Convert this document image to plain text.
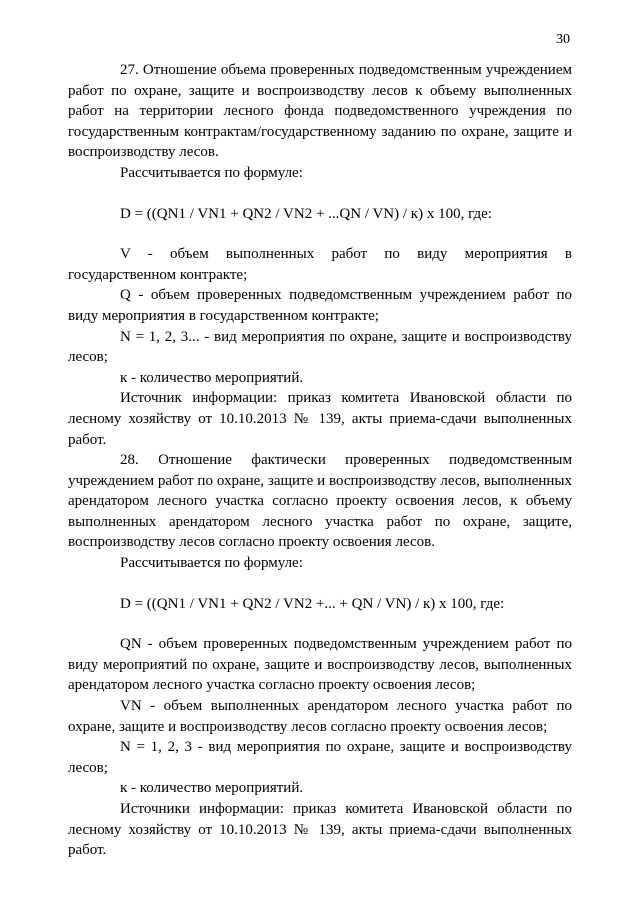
30

27. Отношение объема проверенных подведомственным учреждением работ по охране, защите и воспроизводству лесов к объему выполненных работ на территории лесного фонда подведомственного учреждения по государственным контрактам/государственному заданию по охране, защите и воспроизводству лесов.

Рассчитывается по формуле:

D = ((QN1 / VN1 + QN2 / VN2 + ...QN / VN) / к) x 100, где:

V - объем выполненных работ по виду мероприятия в государственном контракте;

Q - объем проверенных подведомственным учреждением работ по виду мероприятия в государственном контракте;

N = 1, 2, 3... - вид мероприятия по охране, защите и воспроизводству лесов;

к - количество мероприятий.

Источник информации: приказ комитета Ивановской области по лесному хозяйству от 10.10.2013 № 139, акты приема-сдачи выполненных работ.

28. Отношение фактически проверенных подведомственным учреждением работ по охране, защите и воспроизводству лесов, выполненных арендатором лесного участка согласно проекту освоения лесов, к объему выполненных арендатором лесного участка работ по охране, защите, воспроизводству лесов согласно проекту освоения лесов.

Рассчитывается по формуле:

D = ((QN1 / VN1 + QN2 / VN2 +... + QN / VN) / к) x 100, где:

QN - объем проверенных подведомственным учреждением работ по виду мероприятий по охране, защите и воспроизводству лесов, выполненных арендатором лесного участка согласно проекту освоения лесов;

VN - объем выполненных арендатором лесного участка работ по охране, защите и воспроизводству лесов согласно проекту освоения лесов;

N = 1, 2, 3 - вид мероприятия по охране, защите и воспроизводству лесов;

к - количество мероприятий.

Источники информации: приказ комитета Ивановской области по лесному хозяйству от 10.10.2013 № 139, акты приема-сдачи выполненных работ.
